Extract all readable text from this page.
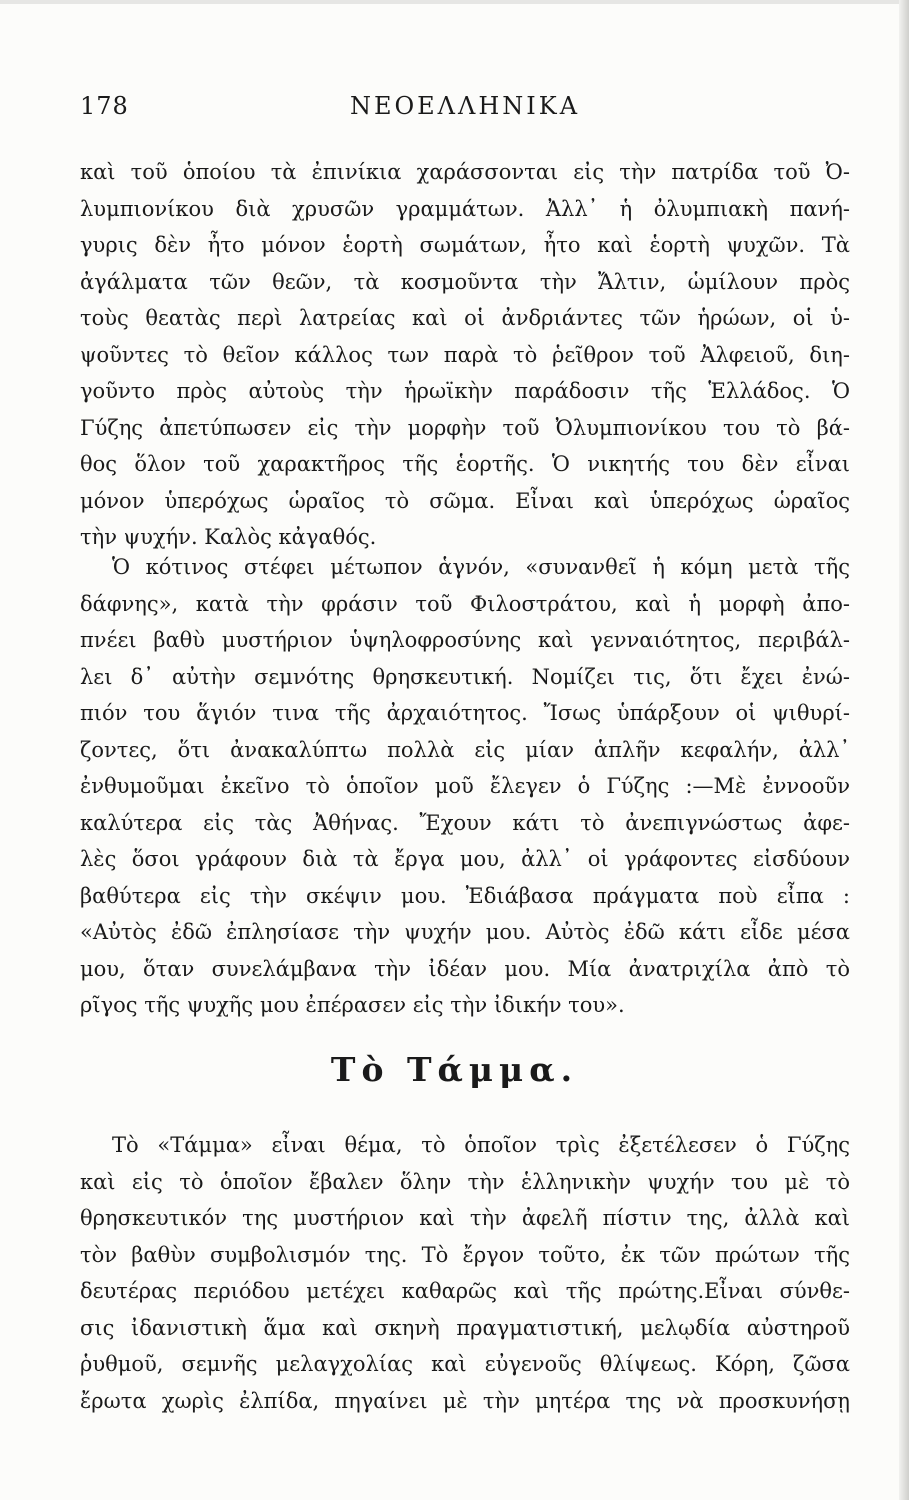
178	ΝΕΟΕΛΛΗΝΙΚΑ
καὶ τοῦ ὁποίου τὰ ἐπινίκια χαράσσονται εἰς τὴν πατρίδα τοῦ Ὀ-
λυμπιονίκου διὰ χρυσῶν γραμμάτων. Ἀλλ᾽ ἡ ὀλυμπιακὴ πανή-
γυρις δὲν ἦτο μόνον ἑορτὴ σωμάτων, ἦτο καὶ ἑορτὴ ψυχῶν. Τὰ
ἀγάλματα τῶν θεῶν, τὰ κοσμοῦντα τὴν Ἄλτιν, ὡμίλουν πρὸς
τοὺς θεατὰς περὶ λατρείας καὶ οἱ ἀνδριάντες τῶν ἡρώων, οἱ ὑ-
ψοῦντες τὸ θεῖον κάλλος των παρὰ τὸ ῥεῖθρον τοῦ Ἀλφειοῦ, διη-
γοῦντο πρὸς αὐτοὺς τὴν ἡρωϊκὴν παράδοσιν τῆς Ἑλλάδος. Ὁ
Γύζης ἀπετύπωσεν εἰς τὴν μορφὴν τοῦ Ὀλυμπιονίκου του τὸ βά-
θος ὅλον τοῦ χαρακτῆρος τῆς ἑορτῆς. Ὁ νικητής του δὲν εἶναι
μόνον ὑπερόχως ὡραῖος τὸ σῶμα. Εἶναι καὶ ὑπερόχως ὡραῖος
τὴν ψυχήν. Καλὸς κἀγαθός.
Ὁ κότινος στέφει μέτωπον ἁγνόν, «συνανθεῖ ἡ κόμη μετὰ τῆς
δάφνης», κατὰ τὴν φράσιν τοῦ Φιλοστράτου, καὶ ἡ μορφὴ ἀπο-
πνέει βαθὺ μυστήριον ὑψηλοφροσύνης καὶ γενναιότητος, περιβάλ-
λει δ᾽ αὐτὴν σεμνότης θρησκευτική. Νομίζει τις, ὅτι ἔχει ἐνώ-
πιόν του ἅγιόν τινα τῆς ἀρχαιότητος. Ἴσως ὑπάρξουν οἱ ψιθυρί-
ζοντες, ὅτι ἀνακαλύπτω πολλὰ εἰς μίαν ἁπλῆν κεφαλήν, ἀλλ᾽
ἐνθυμοῦμαι ἐκεῖνο τὸ ὁποῖον μοῦ ἔλεγεν ὁ Γύζης :—Μὲ ἐννοοῦν
καλύτερα εἰς τὰς Ἀθήνας. Ἔχουν κάτι τὸ ἀνεπιγνώστως ἀφε-
λὲς ὅσοι γράφουν διὰ τὰ ἔργα μου, ἀλλ᾽ οἱ γράφοντες εἰσδύουν
βαθύτερα εἰς τὴν σκέψιν μου. Ἐδιάβασα πράγματα ποὺ εἶπα :
«Αὐτὸς ἐδῶ ἐπλησίασε τὴν ψυχήν μου. Αὐτὸς ἐδῶ κάτι εἶδε μέσα
μου, ὅταν συνελάμβανα τὴν ἰδέαν μου. Μία ἀνατριχίλα ἀπὸ τὸ
ρῖγος τῆς ψυχῆς μου ἐπέρασεν εἰς τὴν ἰδικήν του».
Τὸ Τάμμα.
Τὸ «Τάμμα» εἶναι θέμα, τὸ ὁποῖον τρὶς ἐξετέλεσεν ὁ Γύζης
καὶ εἰς τὸ ὁποῖον ἔβαλεν ὅλην τὴν ἑλληνικὴν ψυχήν του μὲ τὸ
θρησκευτικόν της μυστήριον καὶ τὴν ἀφελῆ πίστιν της, ἀλλὰ καὶ
τὸν βαθὺν συμβολισμόν της. Τὸ ἔργον τοῦτο, ἐκ τῶν πρώτων τῆς
δευτέρας περιόδου μετέχει καθαρῶς καὶ τῆς πρώτης.Εἶναι σύνθε-
σις ἰδανιστικὴ ἅμα καὶ σκηνὴ πραγματιστική, μελῳδία αὐστηροῦ
ῥυθμοῦ, σεμνῆς μελαγχολίας καὶ εὐγενοῦς θλίψεως. Κόρη, ζῶσα
ἔρωτα χωρὶς ἐλπίδα, πηγαίνει μὲ τὴν μητέρα της νὰ προσκυνήσῃ
